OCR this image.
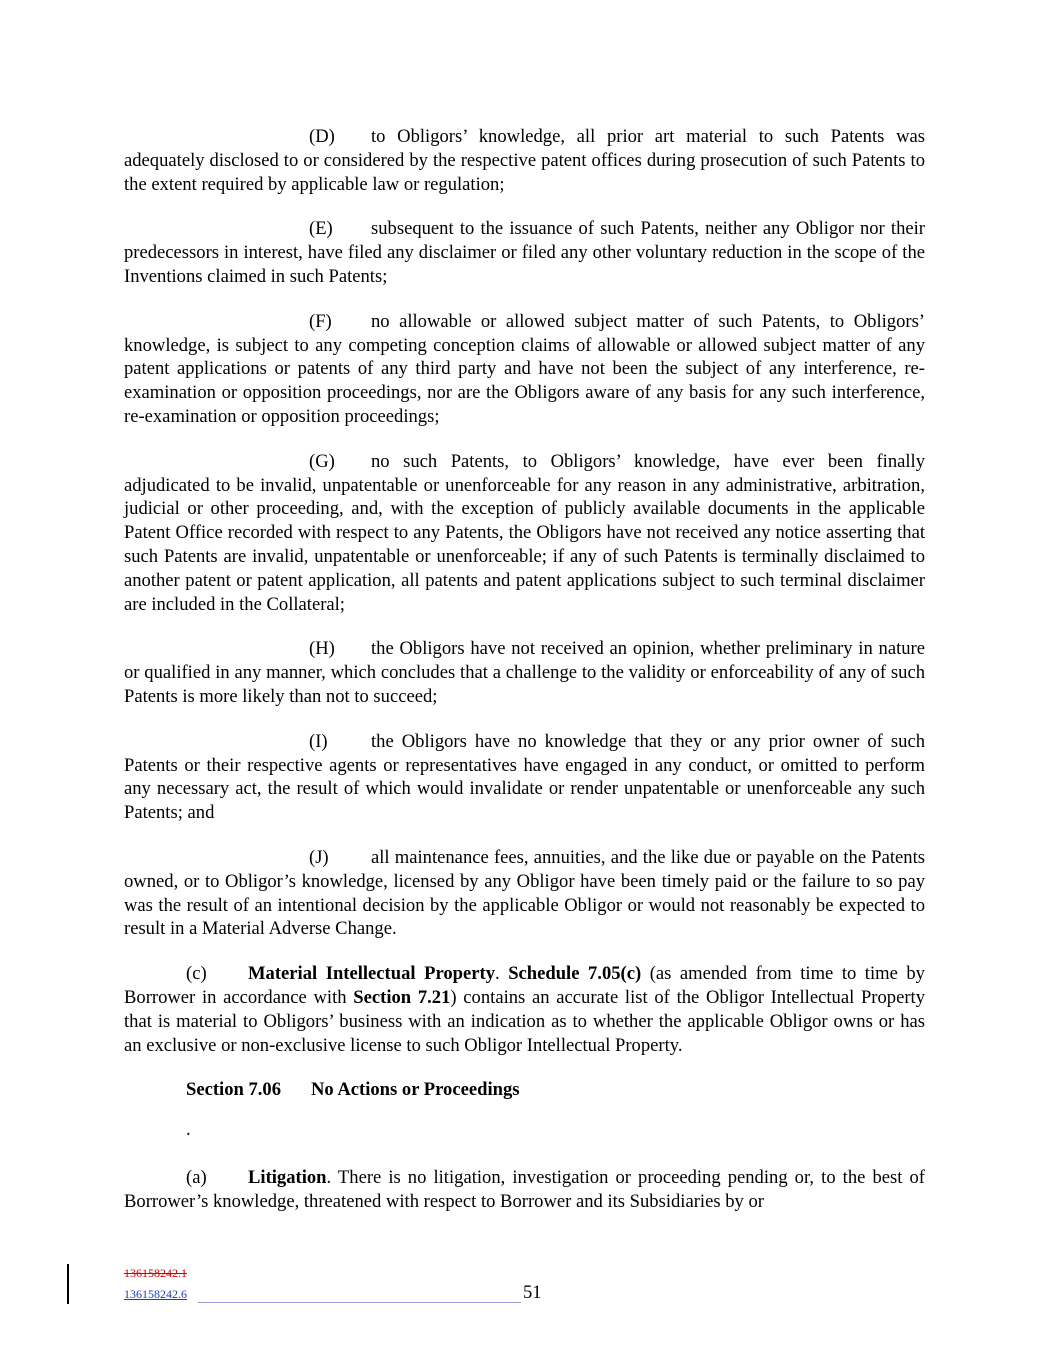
(D) to Obligors’ knowledge, all prior art material to such Patents was adequately disclosed to or considered by the respective patent offices during prosecution of such Patents to the extent required by applicable law or regulation;

(E) subsequent to the issuance of such Patents, neither any Obligor nor their predecessors in interest, have filed any disclaimer or filed any other voluntary reduction in the scope of the Inventions claimed in such Patents;

(F) no allowable or allowed subject matter of such Patents, to Obligors’ knowledge, is subject to any competing conception claims of allowable or allowed subject matter of any patent applications or patents of any third party and have not been the subject of any interference, re-examination or opposition proceedings, nor are the Obligors aware of any basis for any such interference, re-examination or opposition proceedings;

(G) no such Patents, to Obligors’ knowledge, have ever been finally adjudicated to be invalid, unpatentable or unenforceable for any reason in any administrative, arbitration, judicial or other proceeding, and, with the exception of publicly available documents in the applicable Patent Office recorded with respect to any Patents, the Obligors have not received any notice asserting that such Patents are invalid, unpatentable or unenforceable; if any of such Patents is terminally disclaimed to another patent or patent application, all patents and patent applications subject to such terminal disclaimer are included in the Collateral;

(H) the Obligors have not received an opinion, whether preliminary in nature or qualified in any manner, which concludes that a challenge to the validity or enforceability of any of such Patents is more likely than not to succeed;

(I) the Obligors have no knowledge that they or any prior owner of such Patents or their respective agents or representatives have engaged in any conduct, or omitted to perform any necessary act, the result of which would invalidate or render unpatentable or unenforceable any such Patents; and

(J) all maintenance fees, annuities, and the like due or payable on the Patents owned, or to Obligor’s knowledge, licensed by any Obligor have been timely paid or the failure to so pay was the result of an intentional decision by the applicable Obligor or would not reasonably be expected to result in a Material Adverse Change.

(c) Material Intellectual Property. Schedule 7.05(c) (as amended from time to time by Borrower in accordance with Section 7.21) contains an accurate list of the Obligor Intellectual Property that is material to Obligors’ business with an indication as to whether the applicable Obligor owns or has an exclusive or non-exclusive license to such Obligor Intellectual Property.

Section 7.06 No Actions or Proceedings

.

(a) Litigation. There is no litigation, investigation or proceeding pending or, to the best of Borrower’s knowledge, threatened with respect to Borrower and its Subsidiaries by or

136158242.1
136158242.6	51
